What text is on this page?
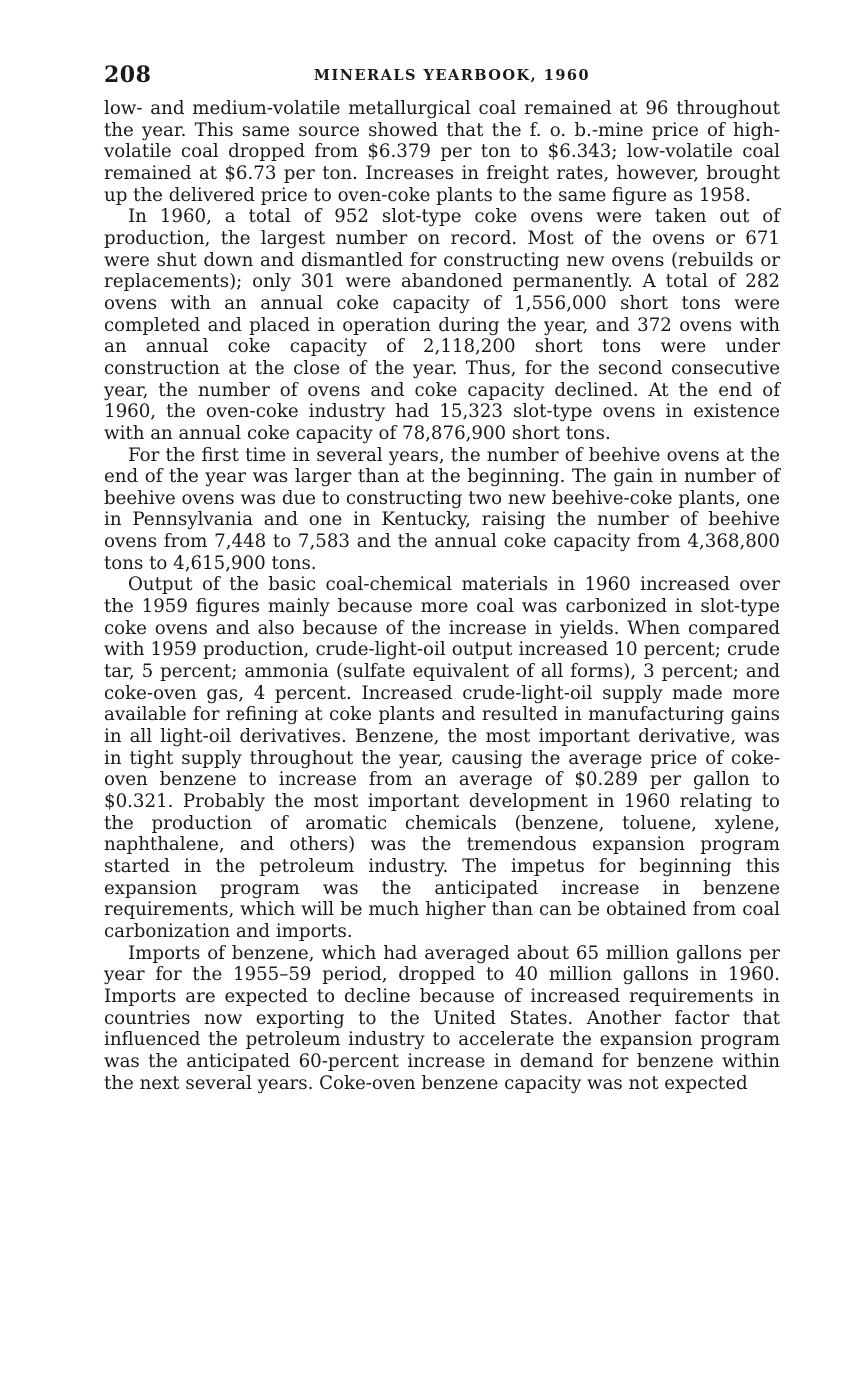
208	MINERALS YEARBOOK, 1960

low- and medium-volatile metallurgical coal remained at 96 throughout the year. This same source showed that the f. o. b.-mine price of high-volatile coal dropped from $6.379 per ton to $6.343; low-volatile coal remained at $6.73 per ton. Increases in freight rates, however, brought up the delivered price to oven-coke plants to the same figure as 1958.

In 1960, a total of 952 slot-type coke ovens were taken out of production, the largest number on record. Most of the ovens or 671 were shut down and dismantled for constructing new ovens (rebuilds or replacements); only 301 were abandoned permanently. A total of 282 ovens with an annual coke capacity of 1,556,000 short tons were completed and placed in operation during the year, and 372 ovens with an annual coke capacity of 2,118,200 short tons were under construction at the close of the year. Thus, for the second consecutive year, the number of ovens and coke capacity declined. At the end of 1960, the oven-coke industry had 15,323 slot-type ovens in existence with an annual coke capacity of 78,876,900 short tons.

For the first time in several years, the number of beehive ovens at the end of the year was larger than at the beginning. The gain in number of beehive ovens was due to constructing two new beehive-coke plants, one in Pennsylvania and one in Kentucky, raising the number of beehive ovens from 7,448 to 7,583 and the annual coke capacity from 4,368,800 tons to 4,615,900 tons.

Output of the basic coal-chemical materials in 1960 increased over the 1959 figures mainly because more coal was carbonized in slot-type coke ovens and also because of the increase in yields. When compared with 1959 production, crude-light-oil output increased 10 percent; crude tar, 5 percent; ammonia (sulfate equivalent of all forms), 3 percent; and coke-oven gas, 4 percent. Increased crude-light-oil supply made more available for refining at coke plants and resulted in manufacturing gains in all light-oil derivatives. Benzene, the most important derivative, was in tight supply throughout the year, causing the average price of coke-oven benzene to increase from an average of $0.289 per gallon to $0.321. Probably the most important development in 1960 relating to the production of aromatic chemicals (benzene, toluene, xylene, naphthalene, and others) was the tremendous expansion program started in the petroleum industry. The impetus for beginning this expansion program was the anticipated increase in benzene requirements, which will be much higher than can be obtained from coal carbonization and imports.

Imports of benzene, which had averaged about 65 million gallons per year for the 1955–59 period, dropped to 40 million gallons in 1960. Imports are expected to decline because of increased requirements in countries now exporting to the United States. Another factor that influenced the petroleum industry to accelerate the expansion program was the anticipated 60-percent increase in demand for benzene within the next several years. Coke-oven benzene capacity was not expected
